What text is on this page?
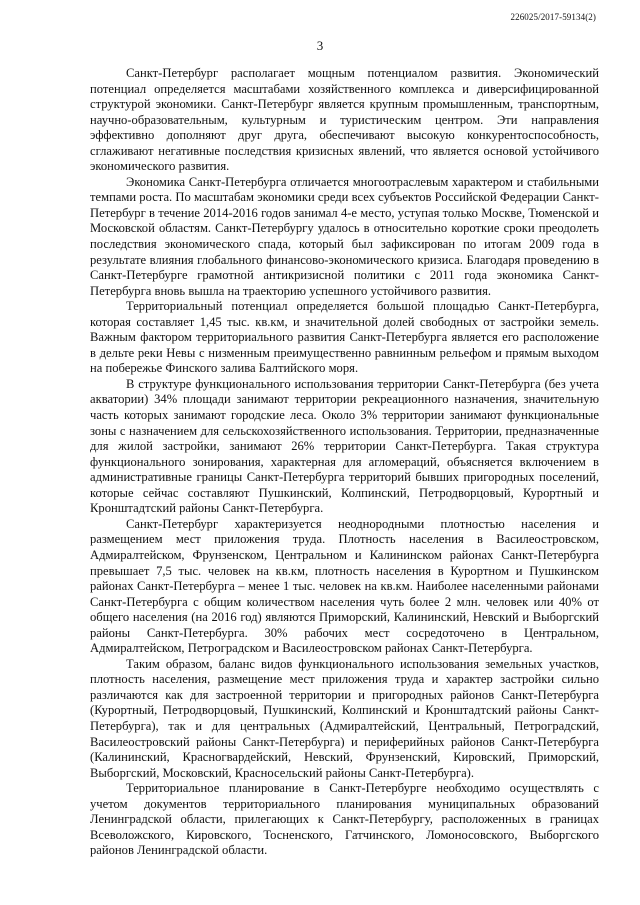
226025/2017-59134(2)
3

Санкт-Петербург располагает мощным потенциалом развития. Экономический потенциал определяется масштабами хозяйственного комплекса и диверсифицированной структурой экономики. Санкт-Петербург является крупным промышленным, транспортным, научно-образовательным, культурным и туристическим центром. Эти направления эффективно дополняют друг друга, обеспечивают высокую конкурентоспособность, сглаживают негативные последствия кризисных явлений, что является основой устойчивого экономического развития.

Экономика Санкт-Петербурга отличается многоотраслевым характером и стабильными темпами роста. По масштабам экономики среди всех субъектов Российской Федерации Санкт-Петербург в течение 2014-2016 годов занимал 4-е место, уступая только Москве, Тюменской и Московской областям. Санкт-Петербургу удалось в относительно короткие сроки преодолеть последствия экономического спада, который был зафиксирован по итогам 2009 года в результате влияния глобального финансово-экономического кризиса. Благодаря проведению в Санкт-Петербурге грамотной антикризисной политики с 2011 года экономика Санкт-Петербурга вновь вышла на траекторию успешного устойчивого развития.

Территориальный потенциал определяется большой площадью Санкт-Петербурга, которая составляет 1,45 тыс. кв.км, и значительной долей свободных от застройки земель. Важным фактором территориального развития Санкт-Петербурга является его расположение в дельте реки Невы с низменным преимущественно равнинным рельефом и прямым выходом на побережье Финского залива Балтийского моря.

В структуре функционального использования территории Санкт-Петербурга (без учета акватории) 34% площади занимают территории рекреационного назначения, значительную часть которых занимают городские леса. Около 3% территории занимают функциональные зоны с назначением для сельскохозяйственного использования. Территории, предназначенные для жилой застройки, занимают 26% территории Санкт-Петербурга. Такая структура функционального зонирования, характерная для агломераций, объясняется включением в административные границы Санкт-Петербурга территорий бывших пригородных поселений, которые сейчас составляют Пушкинский, Колпинский, Петродворцовый, Курортный и Кронштадтский районы Санкт-Петербурга.

Санкт-Петербург характеризуется неоднородными плотностью населения и размещением мест приложения труда. Плотность населения в Василеостровском, Адмиралтейском, Фрунзенском, Центральном и Калининском районах Санкт-Петербурга превышает 7,5 тыс. человек на кв.км, плотность населения в Курортном и Пушкинском районах Санкт-Петербурга – менее 1 тыс. человек на кв.км. Наиболее населенными районами Санкт-Петербурга с общим количеством населения чуть более 2 млн. человек или 40% от общего населения (на 2016 год) являются Приморский, Калининский, Невский и Выборгский районы Санкт-Петербурга. 30% рабочих мест сосредоточено в Центральном, Адмиралтейском, Петроградском и Василеостровском районах Санкт-Петербурга.

Таким образом, баланс видов функционального использования земельных участков, плотность населения, размещение мест приложения труда и характер застройки сильно различаются как для застроенной территории и пригородных районов Санкт-Петербурга (Курортный, Петродворцовый, Пушкинский, Колпинский и Кронштадтский районы Санкт-Петербурга), так и для центральных (Адмиралтейский, Центральный, Петроградский, Василеостровский районы Санкт-Петербурга) и периферийных районов Санкт-Петербурга (Калининский, Красногвардейский, Невский, Фрунзенский, Кировский, Приморский, Выборгский, Московский, Красносельский районы Санкт-Петербурга).

Территориальное планирование в Санкт-Петербурге необходимо осуществлять с учетом документов территориального планирования муниципальных образований Ленинградской области, прилегающих к Санкт-Петербургу, расположенных в границах Всеволожского, Кировского, Тосненского, Гатчинского, Ломоносовского, Выборгского районов Ленинградской области.
